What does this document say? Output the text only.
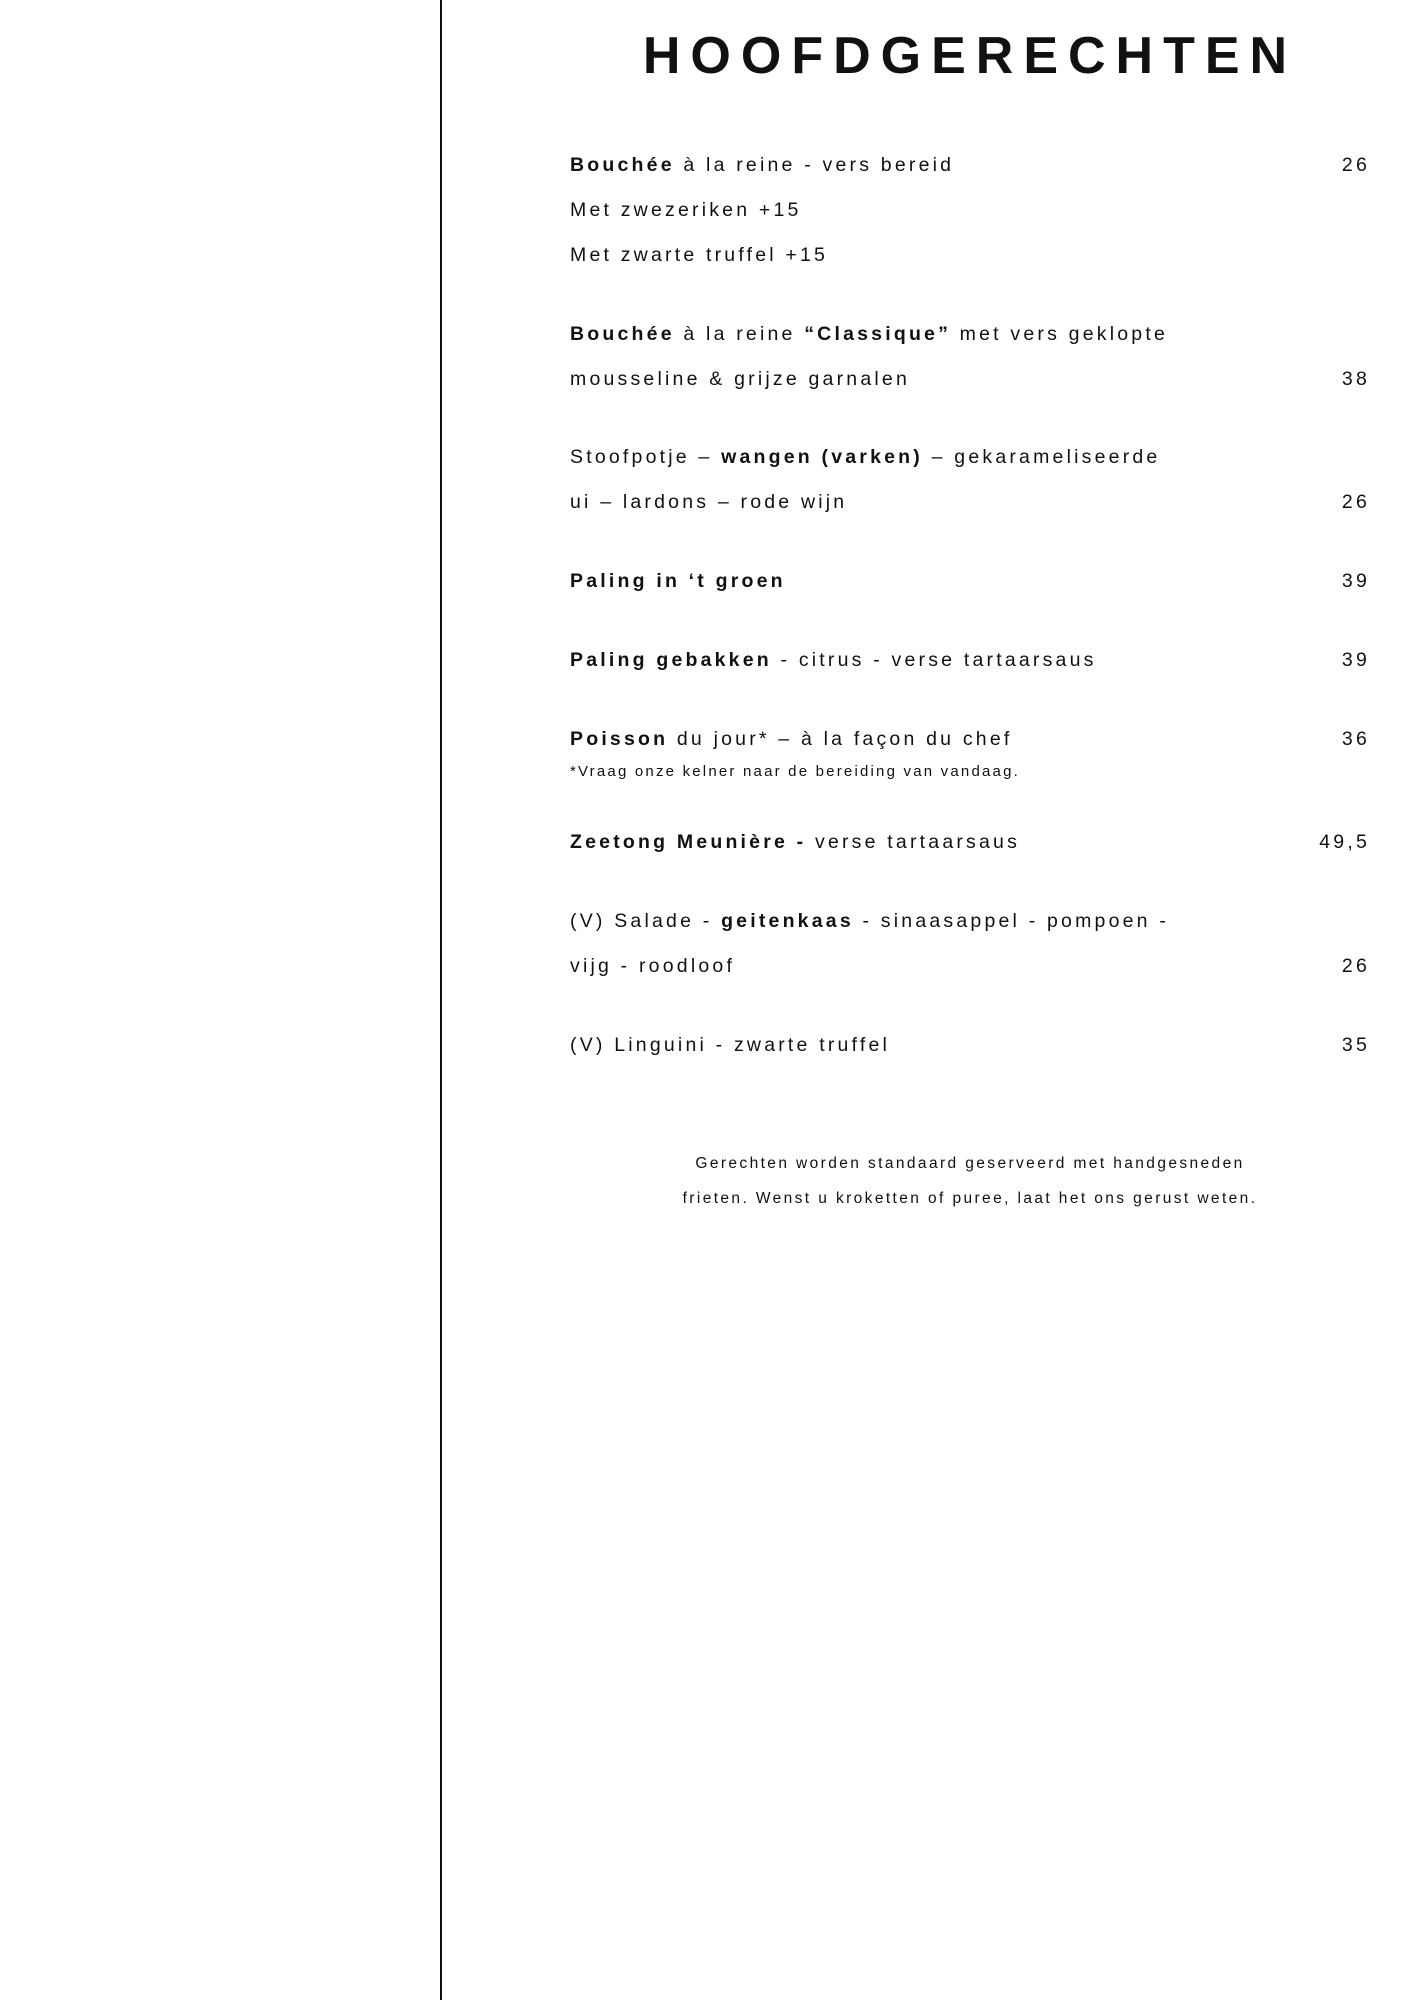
HOOFDGERECHTEN
Bouchée à la reine - vers bereid	26
Met zwezeriken +15
Met zwarte truffel +15
Bouchée à la reine “Classique” met vers geklopte
mousseline & grijze garnalen	38
Stoofpotje – wangen (varken) – gekarameliseerde
ui – lardons – rode wijn	26
Paling in ‘t groen	39
Paling gebakken - citrus - verse tartaarsaus	39
Poisson du jour* – à la façon du chef	36
*Vraag onze kelner naar de bereiding van vandaag.
Zeetong Meunière - verse tartaarsaus	49,5
(V) Salade - geitenkaas - sinaasappel - pompoen -
vijg - roodloof	26
(V) Linguini - zwarte truffel	35
Gerechten worden standaard geserveerd met handgesneden
frieten. Wenst u kroketten of puree, laat het ons gerust weten.
